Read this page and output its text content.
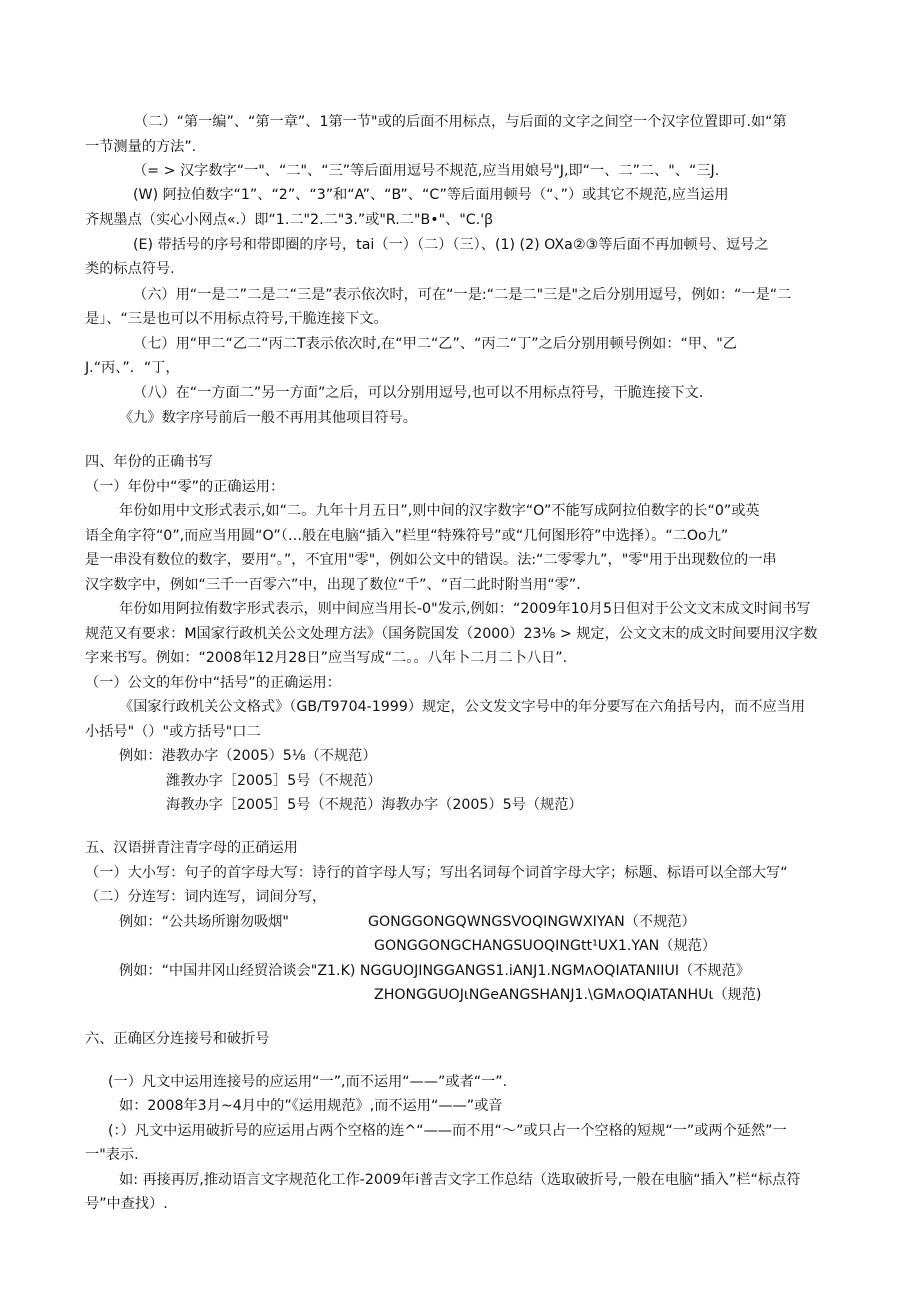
（二）“第一编”、“第一章”、1第一节"或的后面不用标点，与后面的文字之间空一个汉字位置即可.如“第
一节测量的方法”.
（= > 汉字数字“一"、“二"、“三”等后面用逗号不规范,应当用娘号"J,即“一、二”二、"、“三J.
(W) 阿拉伯数字“1”、“2”、“3”和“A”、“B”、“C”等后面用顿号（“、”）或其它不规范,应当运用
齐规墨点（实心小网点«.）即“1.二"2.二"3.”或"R.二"B•"、"C.'ꞵ
(E) 带括号的序号和带即圈的序号，tai（一）（二）（三）、(1) (2) OXa②③等后面不再加顿号、逗号之
类的标点符号.
（六）用“一是二”二是二“三是”表示依次时，可在“一是:“二是二"三是"之后分别用逗号，例如：“一是“二
是」、“三是也可以不用标点符号,干脆连接下文。
（七）用“甲二“乙二“丙二T表示依次时,在“甲二“乙”、“丙二“丁”之后分别用顿号例如：“甲、"乙
J.“丙、”．“丁，
（八）在“一方面二”另一方面”之后，可以分别用逗号,也可以不用标点符号，干脆连接下文.
《九》数字序号前后一般不再用其他项目符号。
四、年份的正确书写
（一）年份中“零”的正确运用：
年份如用中文形式表示,如“二。九年十月五日”,则中间的汉字数字“O”不能写成阿拉伯数字的长“0”或英
语全角字符“0”,而应当用圆“O”（…般在电脑“插入”栏里“特殊符号”或“几何图形符”中选择）。“二Oo九”
是一串没有数位的数字，要用“。”，不宜用"零"，例如公文中的错误。法:“二零零九”，"零"用于出现数位的一串
汉字数字中，例如“三千一百零六”中，出现了数位“千”、“百二此时附当用“零”.
年份如用阿拉侑数字形式表示，则中间应当用长-0"发示,例如：“2009年10月5日但对于公文文末成文时间书写
规范又有要求：M国家行政机关公文处理方法》（国务院国发（2000）23⅛ > 规定，公文文末的成文时间要用汉字数
字来书写。例如：“2008年12月28日”应当写成“二。。八年卜二月二卜八日”.
（一）公文的年份中“括号”的正确运用：
《国家行政机关公文格式》（GB/T9704-1999）规定，公文发文字号中的年分要写在六角括号内，而不应当用
小括号"（）"或方括号"口二
例如：港教办字（2005）5⅛（不规范）
潍教办字［2005］5号（不规范）
海教办字［2005］5号（不规范）海教办字（2005）5号（规范）
五、汉语拼青注青字母的正硝运用
（一）大小写：句子的首字母大写：诗行的首字母人写；写出名词每个词首字母大字；标题、标语可以全部大写“
（二）分连写：词内连写，词间分写，
例如：“公共场所谢勿吸烟"	GONGGONGQWNGSVOQINGWXIYAN（不规范）
GONGGONGCHANGSUOQINGtt¹UX1.YAN（规范）
例如：“中国井冈山经贸洽谈会"Z1.K) NGGUOJINGGANGS1.iANJ1.NGMᴧOQIATANIIUI（不规范》
ZHONGGUOJɩNGeANGSHANJ1.\GMᴧOQIATANHUɩ（规范)
六、正确区分连接号和破折号
(一）凡文中运用连接号的应运用“一”,而不运用“——”或者“一”.
如：2008年3月~4月中的”《运用规范》,而不运用“——”或音
(：）凡文中运用破折号的应运用占两个空格的连^“——而不用“〜”或只占一个空格的短规“一”或两个延然”一
一"表示.
如: 再接再厉,推动语言文字规范化工作-2009年i普吉文字工作总结（选取破折号,一般在电脑“插入”栏“标点符
号”中查找）.
